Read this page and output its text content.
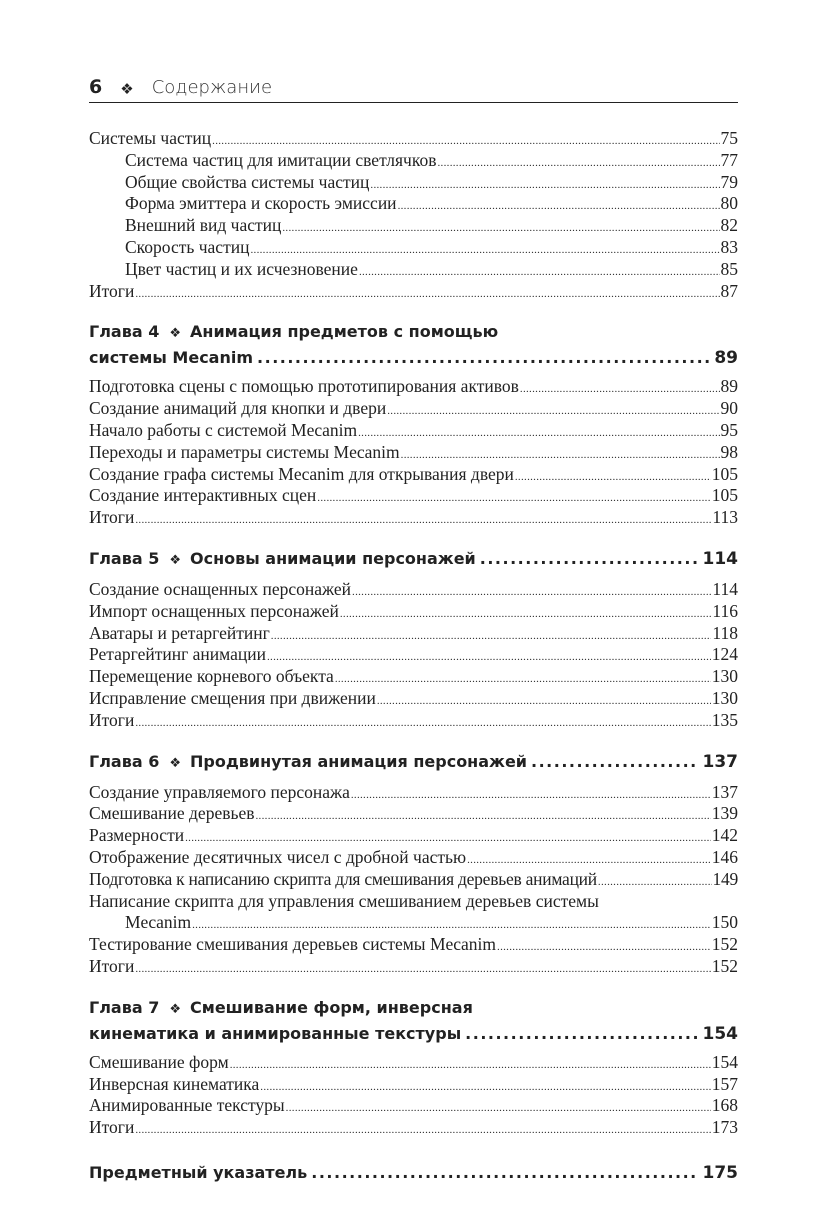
6 ❖ Содержание
Системы частиц .....	75
Система частиц для имитации светлячков .....	77
Общие свойства системы частиц .....	79
Форма эмиттера и скорость эмиссии .....	80
Внешний вид частиц .....	82
Скорость частиц .....	83
Цвет частиц и их исчезновение .....	85
Итоги .....	87
Глава 4 ❖ Анимация предметов с помощью
системы Mecanim .....	89
Подготовка сцены с помощью прототипирования активов .....	89
Создание анимаций для кнопки и двери .....	90
Начало работы с системой Mecanim .....	95
Переходы и параметры системы Mecanim .....	98
Создание графа системы Mecanim для открывания двери .....	105
Создание интерактивных сцен .....	105
Итоги .....	113
Глава 5 ❖ Основы анимации персонажей .....	114
Создание оснащенных персонажей .....	114
Импорт оснащенных персонажей .....	116
Аватары и ретаргейтинг .....	118
Ретаргейтинг анимации .....	124
Перемещение корневого объекта .....	130
Исправление смещения при движении .....	130
Итоги .....	135
Глава 6 ❖ Продвинутая анимация персонажей .....	137
Создание управляемого персонажа .....	137
Смешивание деревьев .....	139
Размерности .....	142
Отображение десятичных чисел с дробной частью .....	146
Подготовка к написанию скрипта для смешивания деревьев анимаций .....	149
Написание скрипта для управления смешиванием деревьев системы
Mecanim .....	150
Тестирование смешивания деревьев системы Mecanim .....	152
Итоги .....	152
Глава 7 ❖ Смешивание форм, инверсная
кинематика и анимированные текстуры .....	154
Смешивание форм .....	154
Инверсная кинематика .....	157
Анимированные текстуры .....	168
Итоги .....	173
Предметный указатель .....	175
